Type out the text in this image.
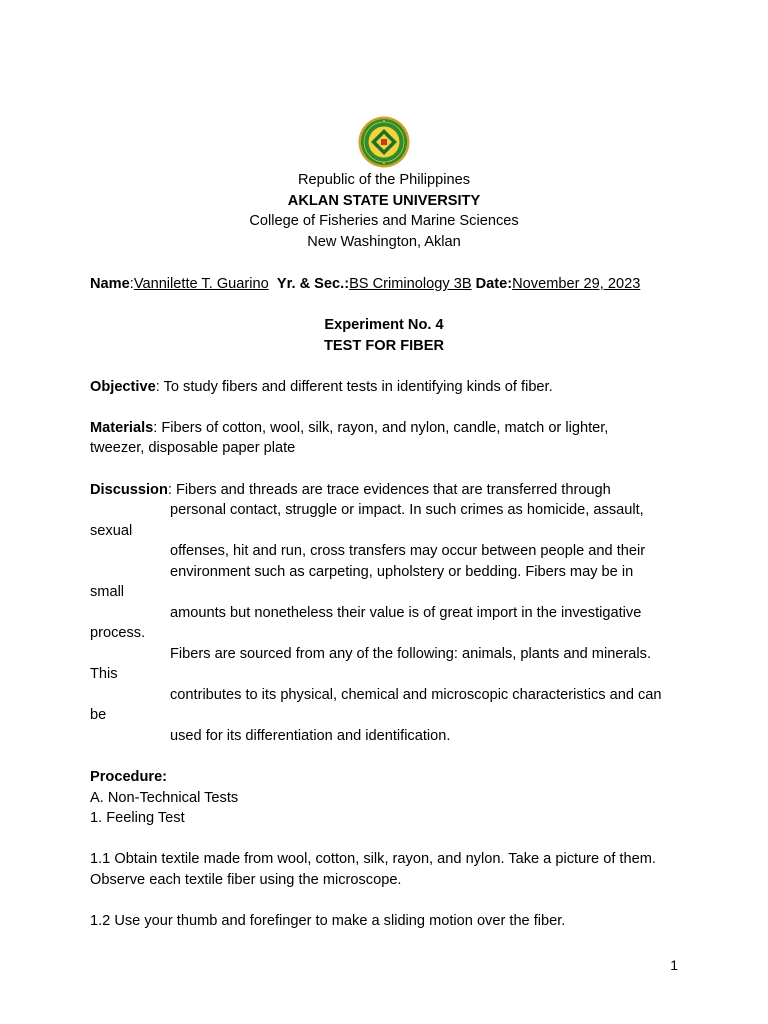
Republic of the Philippines
AKLAN STATE UNIVERSITY
College of Fisheries and Marine Sciences
New Washington, Aklan
Name:Vannilette T. Guarino Yr. & Sec.:BS Criminology 3B Date:November 29, 2023
Experiment No. 4
TEST FOR FIBER
Objective: To study fibers and different tests in identifying kinds of fiber.
Materials: Fibers of cotton, wool, silk, rayon, and nylon, candle, match or lighter,
tweezer, disposable paper plate
Discussion: Fibers and threads are trace evidences that are transferred through
personal contact, struggle or impact. In such crimes as homicide, assault,
sexual
offenses, hit and run, cross transfers may occur between people and their
environment such as carpeting, upholstery or bedding. Fibers may be in
small
amounts but nonetheless their value is of great import in the investigative
process.
Fibers are sourced from any of the following: animals, plants and minerals.
This
contributes to its physical, chemical and microscopic characteristics and can
be
used for its differentiation and identification.
Procedure:
A. Non-Technical Tests
1. Feeling Test
1.1 Obtain textile made from wool, cotton, silk, rayon, and nylon. Take a picture of them.
Observe each textile fiber using the microscope.
1.2 Use your thumb and forefinger to make a sliding motion over the fiber.
1
